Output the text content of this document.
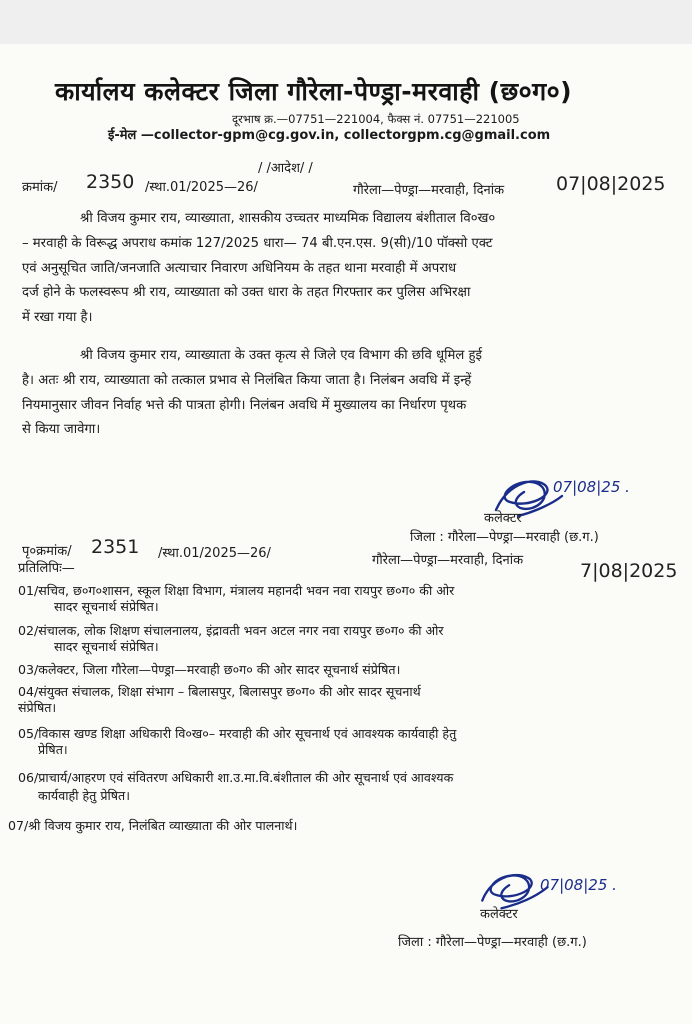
कार्यालय कलेक्टर जिला गौरेला-पेण्ड्रा-मरवाही (छ०ग०)
दूरभाष क्र.—07751—221004, फैक्स नं. 07751—221005
ई-मेल —collector-gpm@cg.gov.in, collectorgpm.cg@gmail.com
/ /आदेश/ /
क्रमांक/ 2350 /स्था.01/2025—26/	गौरेला—पेण्ड्रा—मरवाही, दिनांक	07|08|2025
श्री विजय कुमार राय, व्याख्याता, शासकीय उच्चतर माध्यमिक विद्यालय बंशीताल वि०ख०
– मरवाही के विरूद्ध अपराध कमांक 127/2025 धारा— 74 बी.एन.एस. 9(सी)/10 पॉक्सो एक्ट
एवं अनुसूचित जाति/जनजाति अत्याचार निवारण अधिनियम के तहत थाना मरवाही में अपराध
दर्ज होने के फलस्वरूप श्री राय, व्याख्याता को उक्त धारा के तहत गिरफ्तार कर पुलिस अभिरक्षा
में रखा गया है।
श्री विजय कुमार राय, व्याख्याता के उक्त कृत्य से जिले एव विभाग की छवि धूमिल हुई
है। अतः श्री राय, व्याख्याता को तत्काल प्रभाव से निलंबित किया जाता है। निलंबन अवधि में इन्हें
नियमानुसार जीवन निर्वाह भत्ते की पात्रता होगी। निलंबन अवधि में मुख्यालय का निर्धारण पृथक
से किया जावेगा।
07|08|25 .
कलेक्टर
जिला : गौरेला—पेण्ड्रा—मरवाही (छ.ग.)
पृ०क्रमांक/ 2351 /स्था.01/2025—26/
प्रतिलिपिः—
गौरेला—पेण्ड्रा—मरवाही, दिनांक	7|08|2025
01/सचिव, छ०ग०शासन, स्कूल शिक्षा विभाग, मंत्रालय महानदी भवन नवा रायपुर छ०ग० की ओर
सादर सूचनार्थ संप्रेषित।
02/संचालक, लोक शिक्षण संचालनालय, इंद्रावती भवन अटल नगर नवा रायपुर छ०ग० की ओर
सादर सूचनार्थ संप्रेषित।
03/कलेक्टर, जिला गौरेला—पेण्ड्रा—मरवाही छ०ग० की ओर सादर सूचनार्थ संप्रेषित।
04/संयुक्त संचालक, शिक्षा संभाग – बिलासपुर, बिलासपुर छ०ग० की ओर सादर सूचनार्थ
संप्रेषित।
05/विकास खण्ड शिक्षा अधिकारी वि०ख०– मरवाही की ओर सूचनार्थ एवं आवश्यक कार्यवाही हेतु
प्रेषित।
06/प्राचार्य/आहरण एवं संवितरण अधिकारी शा.उ.मा.वि.बंशीताल की ओर सूचनार्थ एवं आवश्यक
कार्यवाही हेतु प्रेषित।
07/श्री विजय कुमार राय, निलंबित व्याख्याता की ओर पालनार्थ।
07|08|25 .
कलेक्टर
जिला : गौरेला—पेण्ड्रा—मरवाही (छ.ग.)
